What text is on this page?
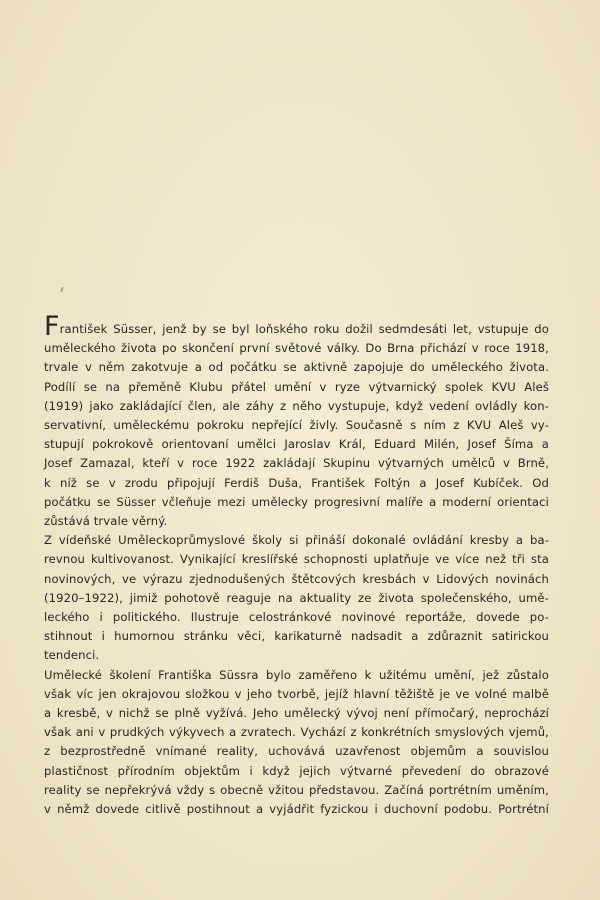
František Süsser, jenž by se byl loňského roku dožil sedmdesáti let, vstupuje do
uměleckého života po skončení první světové války. Do Brna přichází v roce 1918,
trvale v něm zakotvuje a od počátku se aktivně zapojuje do uměleckého života.
Podílí se na přeměně Klubu přátel umění v ryze výtvarnický spolek KVU Aleš
(1919) jako zakládající člen, ale záhy z něho vystupuje, když vedení ovládly kon-
servativní, uměleckému pokroku nepřející živly. Současně s ním z KVU Aleš vy-
stupují pokrokově orientovaní umělci Jaroslav Král, Eduard Milén, Josef Šíma a
Josef Zamazal, kteří v roce 1922 zakládají Skupinu výtvarných umělců v Brně,
k níž se v zrodu připojují Ferdiš Duša, František Foltýn a Josef Kubíček. Od
počátku se Süsser včleňuje mezi umělecky progresivní malíře a moderní orientaci
zůstává trvale věrný.
Z vídeňské Uměleckoprůmyslové školy si přináší dokonalé ovládání kresby a ba-
revnou kultivovanost. Vynikající kreslířské schopnosti uplatňuje ve více než tři sta
novinových, ve výrazu zjednodušených štětcových kresbách v Lidových novinách
(1920–1922), jimiž pohotově reaguje na aktuality ze života společenského, umě-
leckého i politického. Ilustruje celostránkové novinové reportáže, dovede po-
stihnout i humornou stránku věci, karikaturně nadsadit a zdůraznit satirickou
tendenci.
Umělecké školení Františka Süssra bylo zaměřeno k užitému umění, jež zůstalo
však víc jen okrajovou složkou v jeho tvorbě, jejíž hlavní těžiště je ve volné malbě
a kresbě, v nichž se plně vyžívá. Jeho umělecký vývoj není přímočarý, neprochází
však ani v prudkých výkyvech a zvratech. Vychází z konkrétních smyslových vjemů,
z bezprostředně vnímané reality, uchovává uzavřenost objemům a souvislou
plastičnost přírodním objektům i když jejich výtvarné převedení do obrazové
reality se nepřekrývá vždy s obecně vžitou představou. Začíná portrétním uměním,
v němž dovede citlivě postihnout a vyjádřit fyzickou i duchovní podobu. Portrétní
